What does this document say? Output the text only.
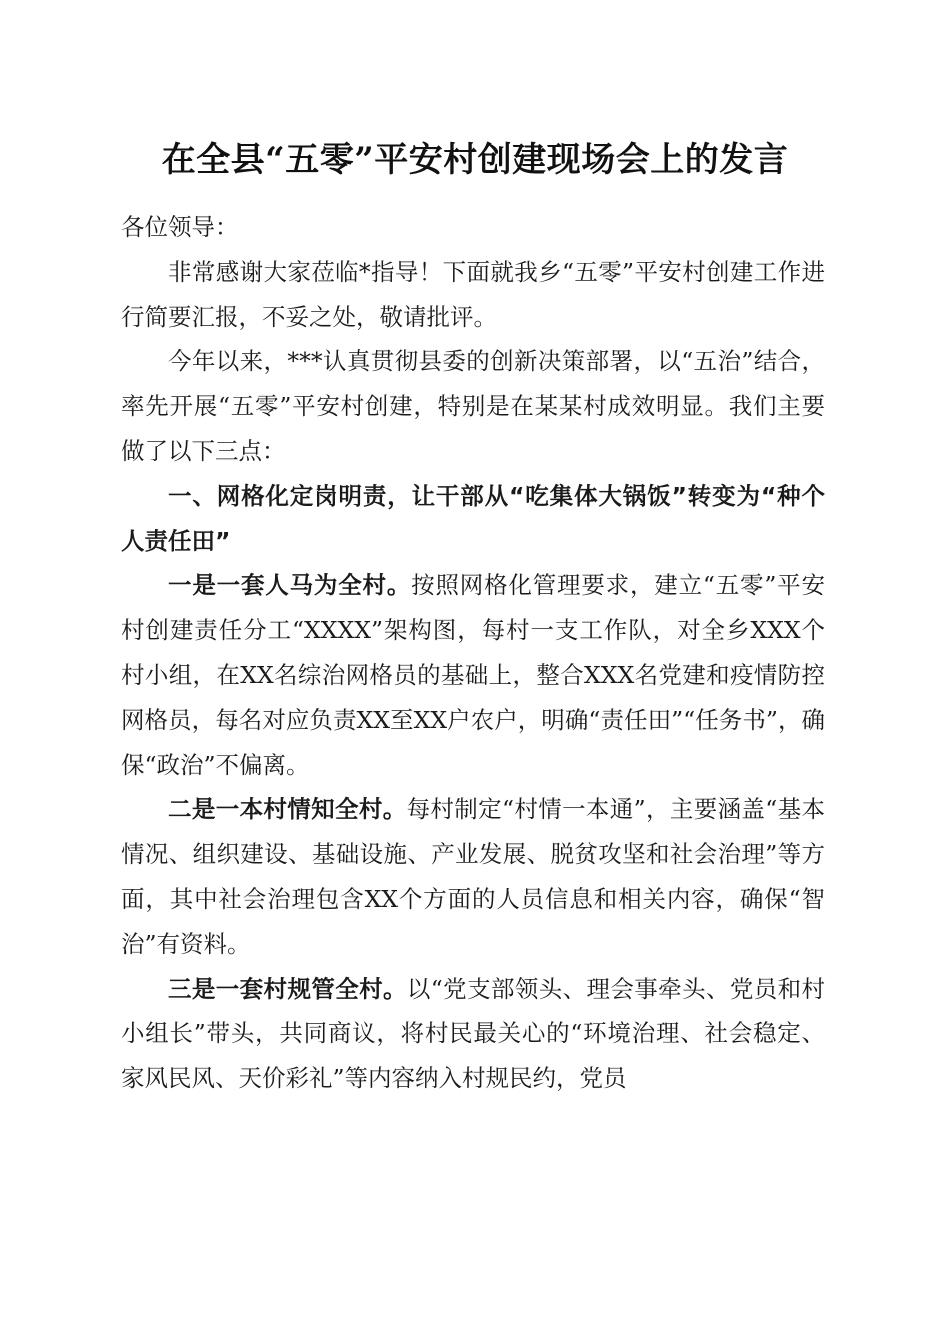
在全县“五零”平安村创建现场会上的发言

各位领导：

非常感谢大家莅临*指导！下面就我乡“五零”平安村创建工作进行简要汇报，不妥之处，敬请批评。

今年以来，***认真贯彻县委的创新决策部署，以“五治”结合，率先开展“五零”平安村创建，特别是在某某村成效明显。我们主要做了以下三点：

一、网格化定岗明责，让干部从“吃集体大锅饭”转变为“种个人责任田”

一是一套人马为全村。按照网格化管理要求，建立“五零”平安村创建责任分工“XXXX”架构图，每村一支工作队，对全乡XXX个村小组，在XX名综治网格员的基础上，整合XXX名党建和疫情防控网格员，每名对应负责XX至XX户农户，明确“责任田”“任务书”，确保“政治”不偏离。

二是一本村情知全村。每村制定“村情一本通”，主要涵盖“基本情况、组织建设、基础设施、产业发展、脱贫攻坚和社会治理”等方面，其中社会治理包含XX个方面的人员信息和相关内容，确保“智治”有资料。

三是一套村规管全村。以“党支部领头、理会事牵头、党员和村小组长”带头，共同商议，将村民最关心的“环境治理、社会稳定、家风民风、天价彩礼”等内容纳入村规民约，党员
